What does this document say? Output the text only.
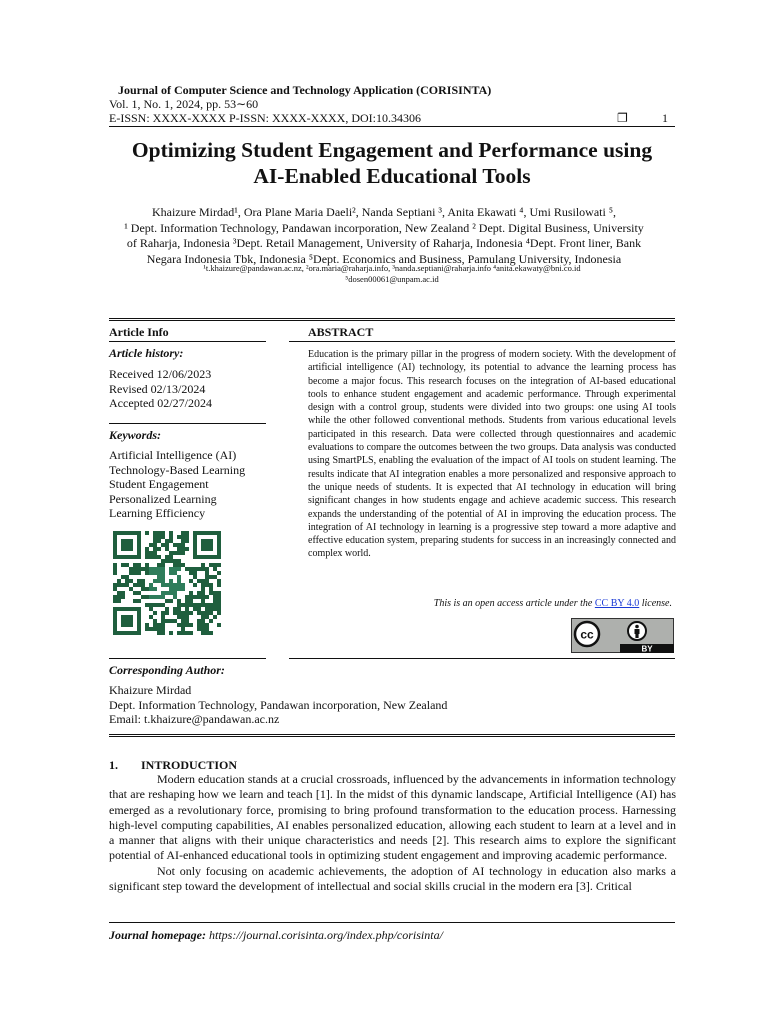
Journal of Computer Science and Technology Application (CORISINTA)
Vol. 1, No. 1, 2024, pp. 53∼60
E-ISSN: XXXX-XXXX P-ISSN: XXXX-XXXX, DOI:10.34306	❐	1
Optimizing Student Engagement and Performance using
AI-Enabled Educational Tools
Khaizure Mirdad¹, Ora Plane Maria Daeli², Nanda Septiani ³, Anita Ekawati ⁴, Umi Rusilowati ⁵,
¹ Dept. Information Technology, Pandawan incorporation, New Zealand ² Dept. Digital Business, University
of Raharja, Indonesia ³Dept. Retail Management, University of Raharja, Indonesia ⁴Dept. Front liner, Bank
Negara Indonesia Tbk, Indonesia ⁵Dept. Economics and Business, Pamulang University, Indonesia
¹t.khaizure@pandawan.ac.nz, ²ora.maria@raharja.info, ³nanda.septiani@raharja.info ⁴anita.ekawaty@bni.co.id
⁵dosen00061@unpam.ac.id
Article Info	ABSTRACT
Article history:
Received 12/06/2023
Revised 02/13/2024
Accepted 02/27/2024
Keywords:
Artificial Intelligence (AI)
Technology-Based Learning
Student Engagement
Personalized Learning
Learning Efficiency
Education is the primary pillar in the progress of modern society. With the development of artificial intelligence (AI) technology, its potential to advance the learning process has become a major focus. This research focuses on the integration of AI-based educational tools to enhance student engagement and academic performance. Through experimental design with a control group, students were divided into two groups: one using AI tools while the other followed conventional methods. Students from various educational levels participated in this research. Data were collected through questionnaires and academic evaluations to compare the outcomes between the two groups. Data analysis was conducted using SmartPLS, enabling the evaluation of the impact of AI tools on student learning. The results indicate that AI integration enables a more personalized and responsive approach to the unique needs of students. It is expected that AI technology in education will bring significant changes in how students engage and achieve academic success. This research expands the understanding of the potential of AI in improving the education process. The integration of AI technology in learning is a progressive step toward a more adaptive and effective education system, preparing students for success in an increasingly connected and complex world.
This is an open access article under the CC BY 4.0 license.
cc
BY
Corresponding Author:
Khaizure Mirdad
Dept. Information Technology, Pandawan incorporation, New Zealand
Email: t.khaizure@pandawan.ac.nz
1. INTRODUCTION

Modern education stands at a crucial crossroads, influenced by the advancements in information technology that are reshaping how we learn and teach [1]. In the midst of this dynamic landscape, Artificial Intelligence (AI) has emerged as a revolutionary force, promising to bring profound transformation to the education process. Harnessing high-level computing capabilities, AI enables personalized education, allowing each student to learn at a level and in a manner that aligns with their unique characteristics and needs [2]. This research aims to explore the significant potential of AI-enhanced educational tools in optimizing student engagement and improving academic performance.

Not only focusing on academic achievements, the adoption of AI technology in education also marks a significant step toward the development of intellectual and social skills crucial in the modern era [3]. Critical

Journal homepage: https://journal.corisinta.org/index.php/corisinta/
